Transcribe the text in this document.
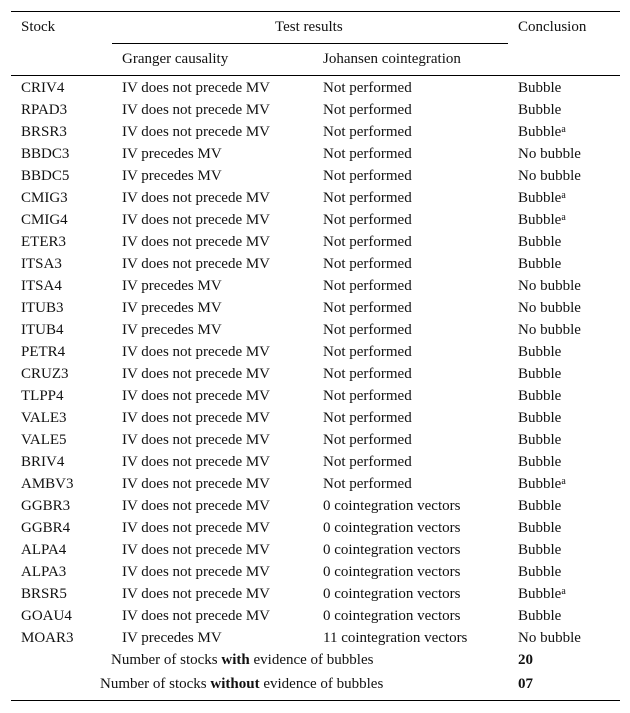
Stock	Test results	Conclusion
Granger causality	Johansen cointegration
CRIV4	IV does not precede MV	Not performed	Bubble
RPAD3	IV does not precede MV	Not performed	Bubble
BRSR3	IV does not precede MV	Not performed	Bubble$^a$
BBDC3	IV precedes MV	Not performed	No bubble
BBDC5	IV precedes MV	Not performed	No bubble
CMIG3	IV does not precede MV	Not performed	Bubble$^a$
CMIG4	IV does not precede MV	Not performed	Bubble$^a$
ETER3	IV does not precede MV	Not performed	Bubble
ITSA3	IV does not precede MV	Not performed	Bubble
ITSA4	IV precedes MV	Not performed	No bubble
ITUB3	IV precedes MV	Not performed	No bubble
ITUB4	IV precedes MV	Not performed	No bubble
PETR4	IV does not precede MV	Not performed	Bubble
CRUZ3	IV does not precede MV	Not performed	Bubble
TLPP4	IV does not precede MV	Not performed	Bubble
VALE3	IV does not precede MV	Not performed	Bubble
VALE5	IV does not precede MV	Not performed	Bubble
BRIV4	IV does not precede MV	Not performed	Bubble
AMBV3	IV does not precede MV	Not performed	Bubble$^a$
GGBR3	IV does not precede MV	0 cointegration vectors	Bubble
GGBR4	IV does not precede MV	0 cointegration vectors	Bubble
ALPA4	IV does not precede MV	0 cointegration vectors	Bubble
ALPA3	IV does not precede MV	0 cointegration vectors	Bubble
BRSR5	IV does not precede MV	0 cointegration vectors	Bubble$^a$
GOAU4	IV does not precede MV	0 cointegration vectors	Bubble
MOAR3	IV precedes MV	11 cointegration vectors	No bubble
Number of stocks with evidence of bubbles	20
Number of stocks without evidence of bubbles	07
